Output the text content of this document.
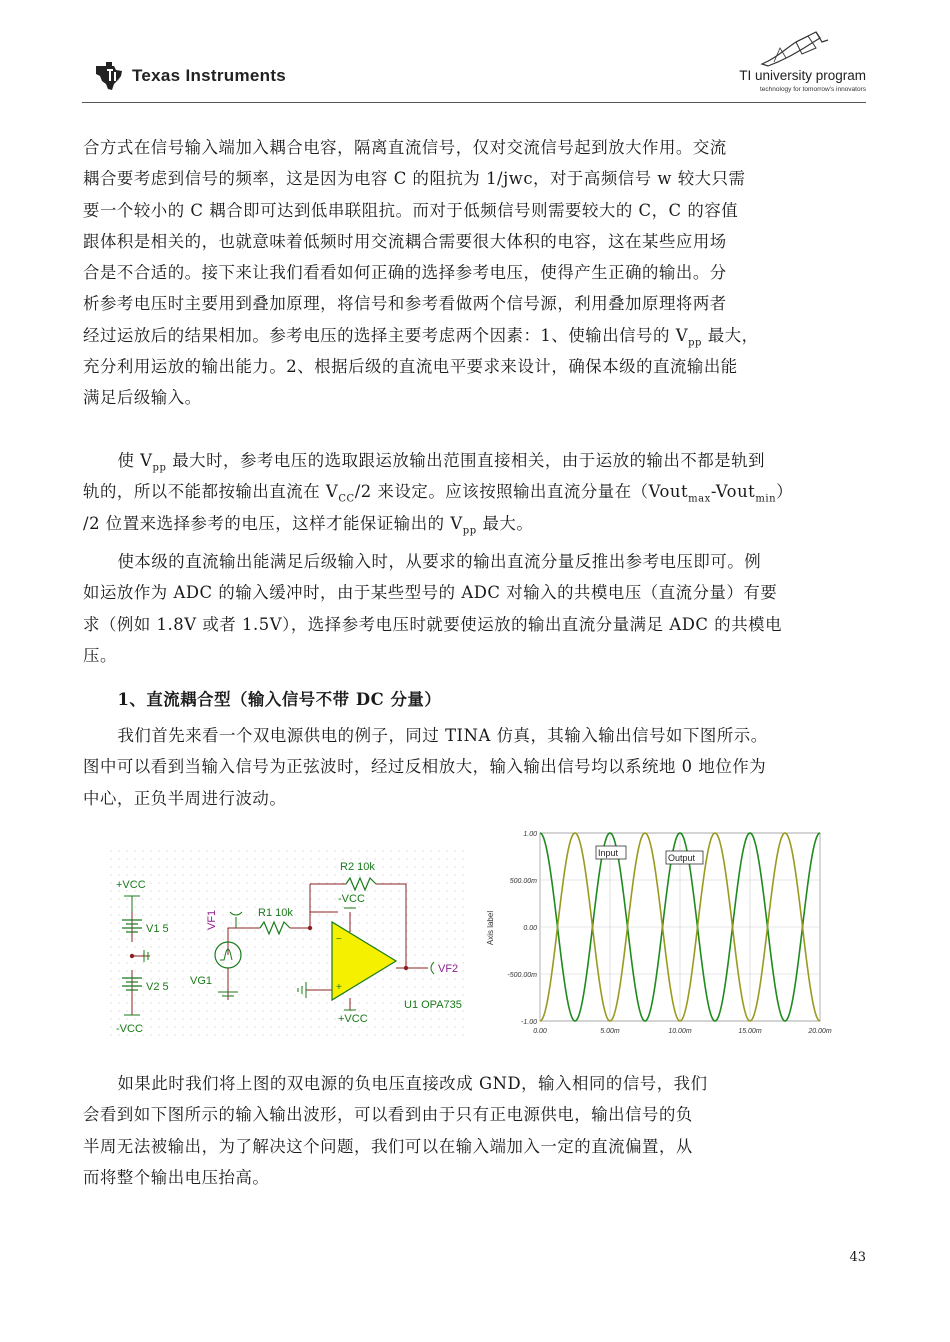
Texas Instruments	TI university program
technology for tomorrow's innovators

合方式在信号输入端加入耦合电容，隔离直流信号，仅对交流信号起到放大作用。交流

耦合要考虑到信号的频率，这是因为电容 C 的阻抗为 1/jwc，对于高频信号 w 较大只需

要一个较小的 C 耦合即可达到低串联阻抗。而对于低频信号则需要较大的 C，C 的容值

跟体积是相关的，也就意味着低频时用交流耦合需要很大体积的电容，这在某些应用场

合是不合适的。接下来让我们看看如何正确的选择参考电压，使得产生正确的输出。分

析参考电压时主要用到叠加原理，将信号和参考看做两个信号源，利用叠加原理将两者

经过运放后的结果相加。参考电压的选择主要考虑两个因素：1、使输出信号的 $V_{pp}$ 最大，

充分利用运放的输出能力。2、根据后级的直流电平要求来设计，确保本级的直流输出能

满足后级输入。

使 $V_{pp}$ 最大时，参考电压的选取跟运放输出范围直接相关，由于运放的输出不都是轨到

轨的，所以不能都按输出直流在 $V_{CC}/2$ 来设定。应该按照输出直流分量在（Vout$_{max}$-Vout$_{min}$）

/2 位置来选择参考的电压，这样才能保证输出的 $V_{pp}$ 最大。

使本级的直流输出能满足后级输入时，从要求的输出直流分量反推出参考电压即可。例

如运放作为 ADC 的输入缓冲时，由于某些型号的 ADC 对输入的共模电压（直流分量）有要

求（例如 1.8V 或者 1.5V），选择参考电压时就要使运放的输出直流分量满足 ADC 的共模电

压。

1、直流耦合型（输入信号不带 DC 分量）

我们首先来看一个双电源供电的例子，同过 TINA 仿真，其输入输出信号如下图所示。

图中可以看到当输入信号为正弦波时，经过反相放大，输入输出信号均以系统地 0 地位作为

中心，正负半周进行波动。

R2 10k
R1 10k
-VCC
−
+
+VCC
U1 OPA735
VF2
+VCC
V1 5
V2 5
-VCC
VG1
VF1
1.00
500.00m
0.00
-500.00m
-1.00
0.00	5.00m	10.00m	15.00m	20.00m
Axis label
Input	Output

如果此时我们将上图的双电源的负电压直接改成 GND，输入相同的信号，我们

会看到如下图所示的输入输出波形，可以看到由于只有正电源供电，输出信号的负

半周无法被输出，为了解决这个问题，我们可以在输入端加入一定的直流偏置，从

而将整个输出电压抬高。

43
